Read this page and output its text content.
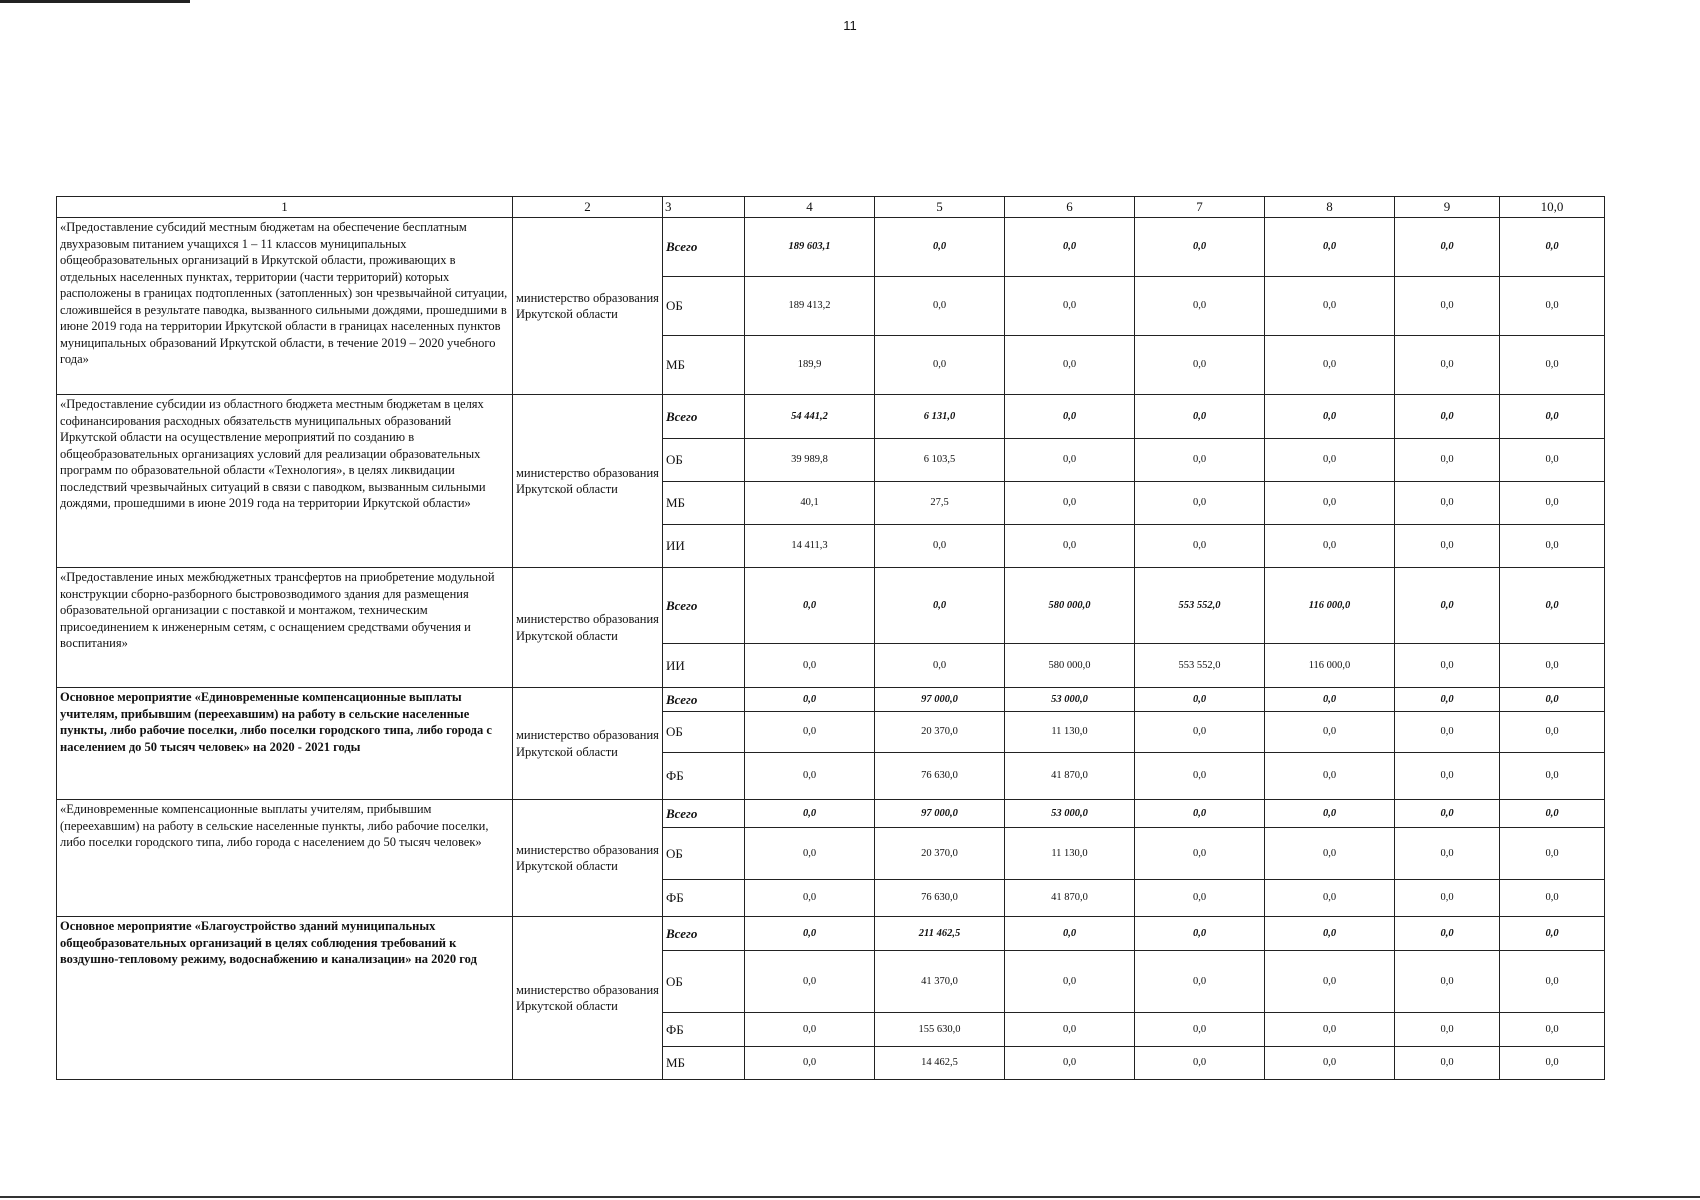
11
1	2	3	4	5	6	7	8	9	10,0
«Предоставление субсидий местным бюджетам на обеспечение бесплатным двухразовым питанием учащихся 1 – 11 классов муниципальных общеобразовательных организаций в Иркутской области, проживающих в отдельных населенных пунктах, территории (части территорий) которых расположены в границах подтопленных (затопленных) зон чрезвычайной ситуации, сложившейся в результате паводка, вызванного сильными дождями, прошедшими в июне 2019 года на территории Иркутской области в границах населенных пунктов муниципальных образований Иркутской области, в течение 2019 – 2020 учебного года»	министерство образования Иркутской области	Всего	189 603,1	0,0	0,0	0,0	0,0	0,0	0,0
		ОБ	189 413,2	0,0	0,0	0,0	0,0	0,0	0,0
		МБ	189,9	0,0	0,0	0,0	0,0	0,0	0,0
«Предоставление субсидии из областного бюджета местным бюджетам в целях софинансирования расходных обязательств муниципальных образований Иркутской области на осуществление мероприятий по созданию в общеобразовательных организациях условий для реализации образовательных программ по образовательной области «Технология», в целях ликвидации последствий чрезвычайных ситуаций в связи с паводком, вызванным сильными дождями, прошедшими в июне 2019 года на территории Иркутской области»	министерство образования Иркутской области	Всего	54 441,2	6 131,0	0,0	0,0	0,0	0,0	0,0
		ОБ	39 989,8	6 103,5	0,0	0,0	0,0	0,0	0,0
		МБ	40,1	27,5	0,0	0,0	0,0	0,0	0,0
		ИИ	14 411,3	0,0	0,0	0,0	0,0	0,0	0,0
«Предоставление иных межбюджетных трансфертов на приобретение модульной конструкции сборно-разборного быстровозводимого здания для размещения образовательной организации с поставкой и монтажом, техническим присоединением к инженерным сетям, с оснащением средствами обучения и воспитания»	министерство образования Иркутской области	Всего	0,0	0,0	580 000,0	553 552,0	116 000,0	0,0	0,0
		ИИ	0,0	0,0	580 000,0	553 552,0	116 000,0	0,0	0,0
Основное мероприятие «Единовременные компенсационные выплаты учителям, прибывшим (переехавшим) на работу в сельские населенные пункты, либо рабочие поселки, либо поселки городского типа, либо города с населением до 50 тысяч человек» на 2020 - 2021 годы	министерство образования Иркутской области	Всего	0,0	97 000,0	53 000,0	0,0	0,0	0,0	0,0
		ОБ	0,0	20 370,0	11 130,0	0,0	0,0	0,0	0,0
		ФБ	0,0	76 630,0	41 870,0	0,0	0,0	0,0	0,0
«Единовременные компенсационные выплаты учителям, прибывшим (переехавшим) на работу в сельские населенные пункты, либо рабочие поселки, либо поселки городского типа, либо города с населением до 50 тысяч человек»	министерство образования Иркутской области	Всего	0,0	97 000,0	53 000,0	0,0	0,0	0,0	0,0
		ОБ	0,0	20 370,0	11 130,0	0,0	0,0	0,0	0,0
		ФБ	0,0	76 630,0	41 870,0	0,0	0,0	0,0	0,0
Основное мероприятие «Благоустройство зданий муниципальных общеобразовательных организаций в целях соблюдения требований к воздушно-тепловому режиму, водоснабжению и канализации» на 2020 год	министерство образования Иркутской области	Всего	0,0	211 462,5	0,0	0,0	0,0	0,0	0,0
		ОБ	0,0	41 370,0	0,0	0,0	0,0	0,0	0,0
		ФБ	0,0	155 630,0	0,0	0,0	0,0	0,0	0,0
		МБ	0,0	14 462,5	0,0	0,0	0,0	0,0	0,0
